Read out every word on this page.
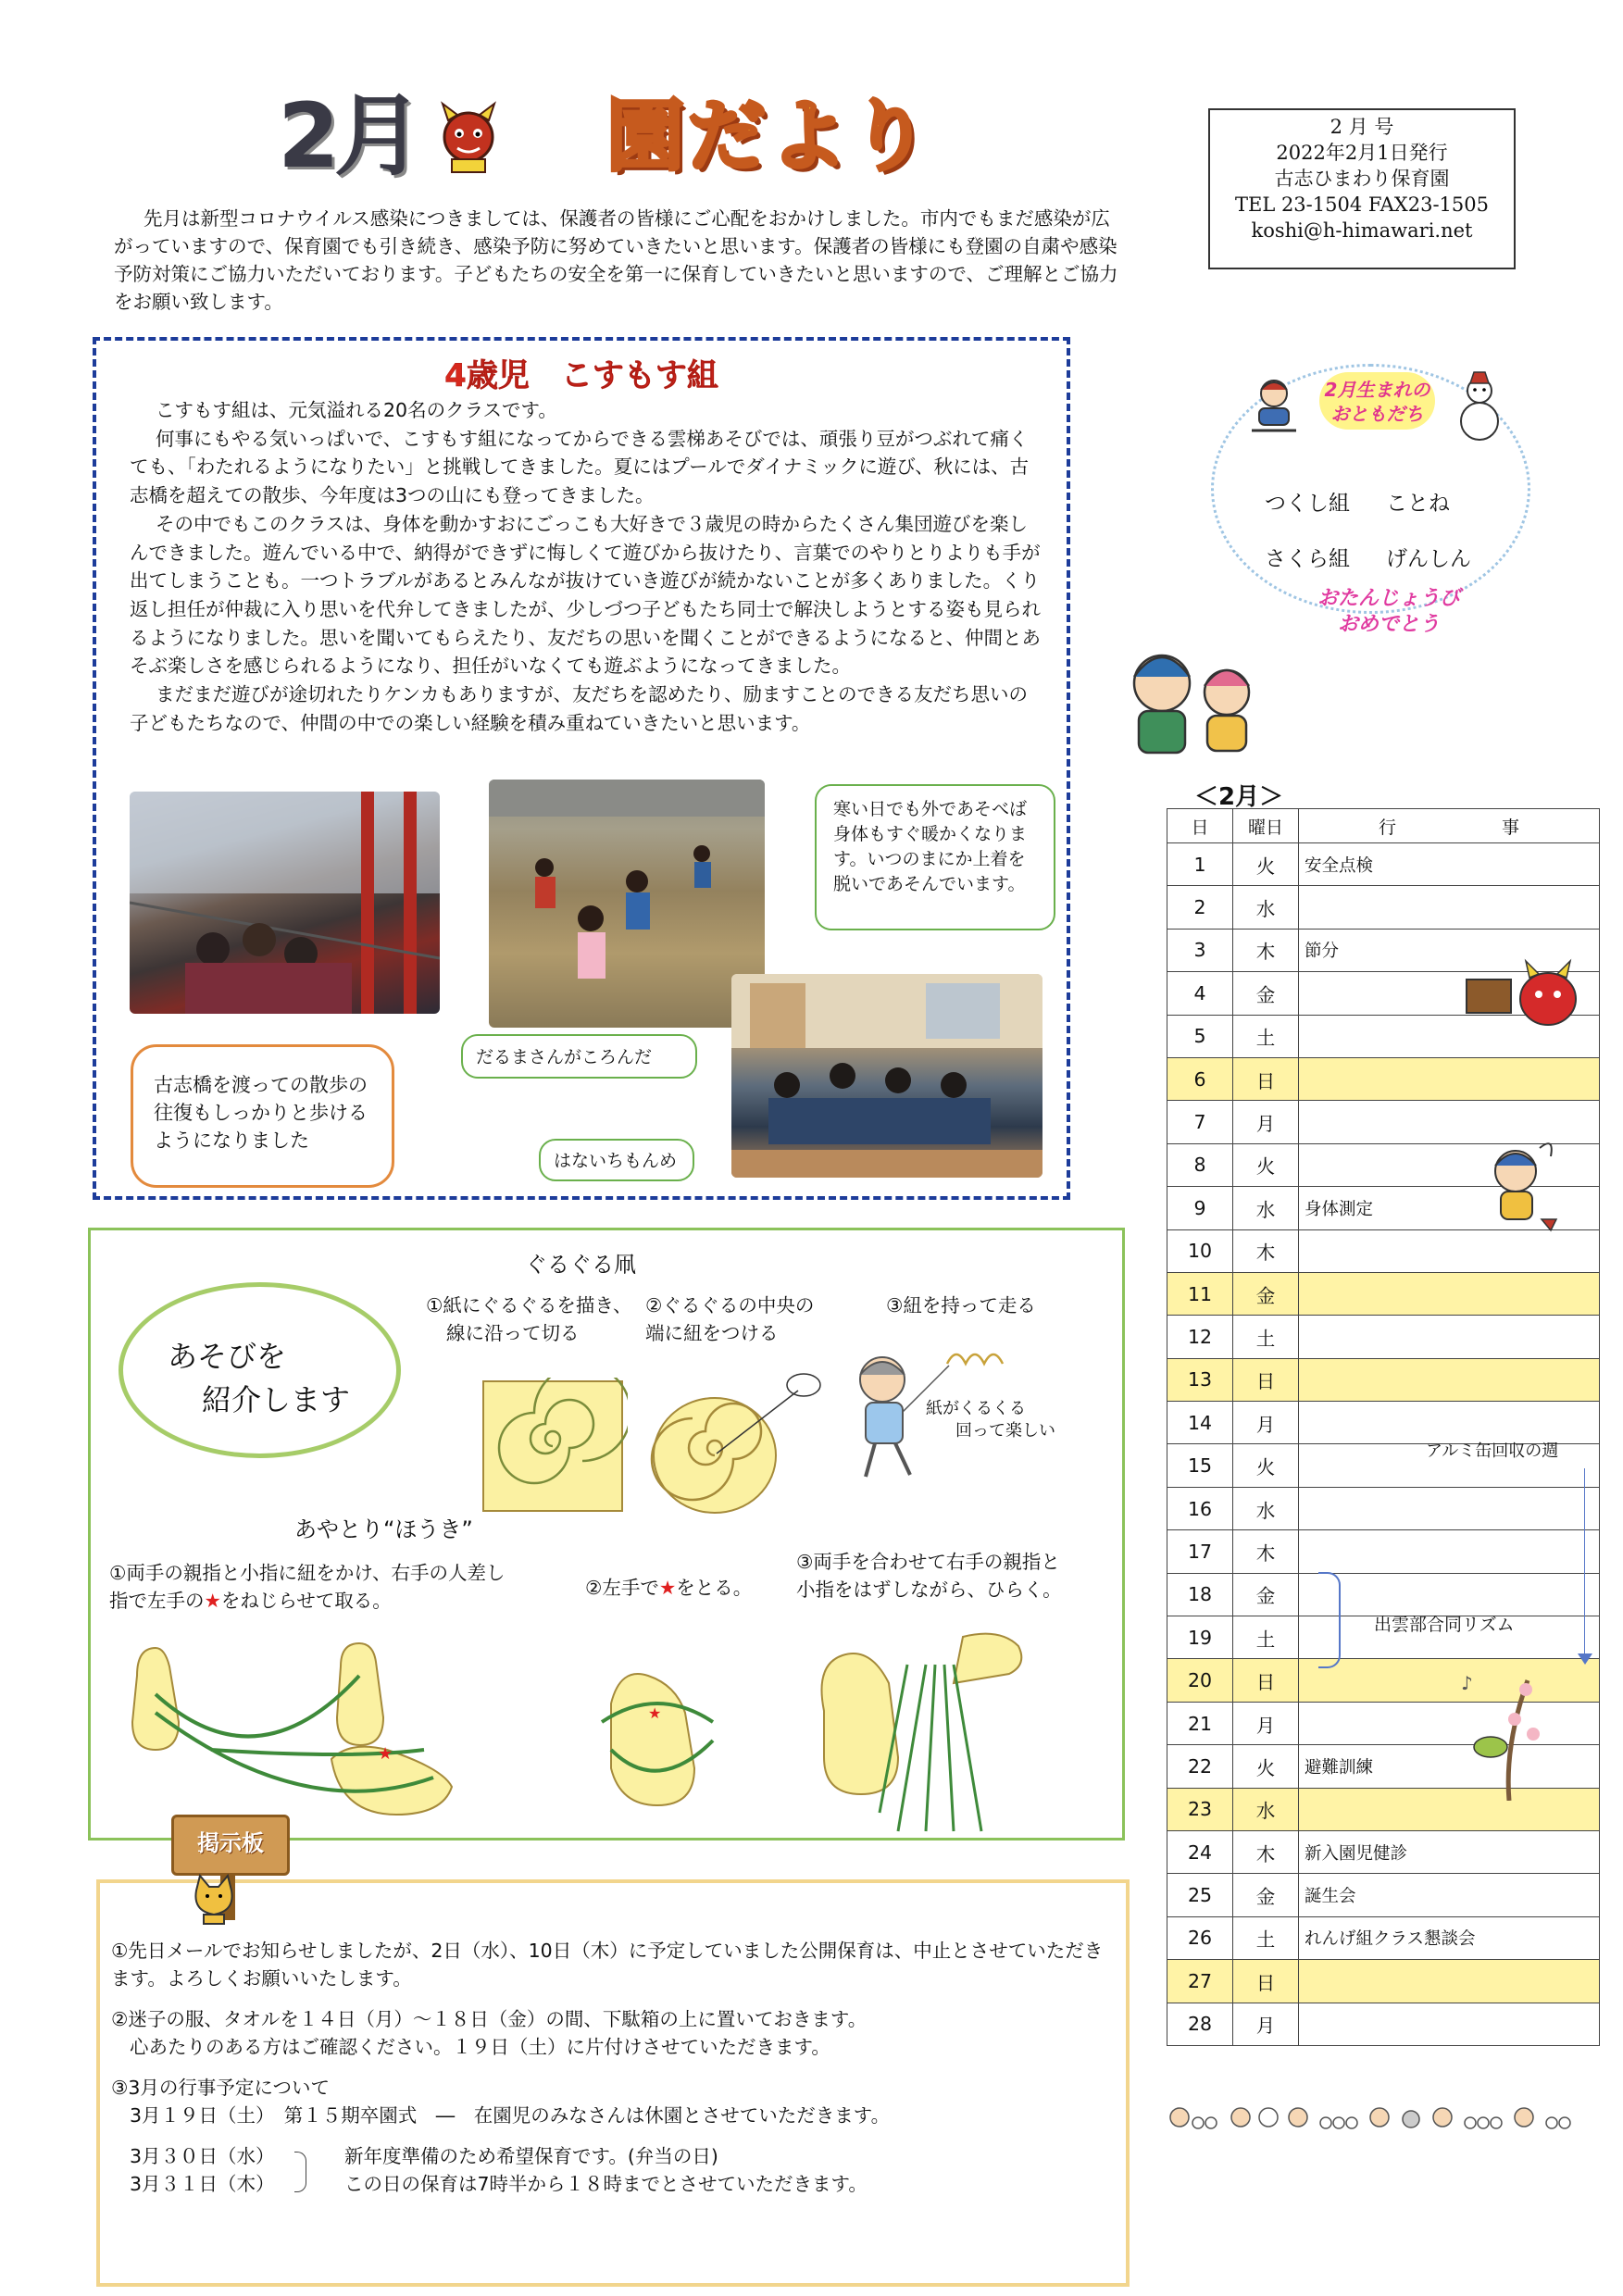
2月 園だより	2 月 号
2022年2月1日発行
古志ひまわり保育園
TEL 23-1504 FAX23-1505
koshi@h-himawari.net
先月は新型コロナウイルス感染につきましては、保護者の皆様にご心配をおかけしました。市内でもまだ感染が広がっていますので、保育園でも引き続き、感染予防に努めていきたいと思います。保護者の皆様にも登園の自粛や感染予防対策にご協力いただいております。子どもたちの安全を第一に保育していきたいと思いますので、ご理解とご協力をお願い致します。
4歳児　こすもす組

こすもす組は、元気溢れる20名のクラスです。

何事にもやる気いっぱいで、こすもす組になってからできる雲梯あそびでは、頑張り豆がつぶれて痛くても、「わたれるようになりたい」と挑戦してきました。夏にはプールでダイナミックに遊び、秋には、古志橋を超えての散歩、今年度は3つの山にも登ってきました。

その中でもこのクラスは、身体を動かすおにごっこも大好きで３歳児の時からたくさん集団遊びを楽しんできました。遊んでいる中で、納得ができずに悔しくて遊びから抜けたり、言葉でのやりとりよりも手が出てしまうことも。一つトラブルがあるとみんなが抜けていき遊びが続かないことが多くありました。くり返し担任が仲裁に入り思いを代弁してきましたが、少しづつ子どもたち同士で解決しようとする姿も見られるようになりました。思いを聞いてもらえたり、友だちの思いを聞くことができるようになると、仲間とあそぶ楽しさを感じられるようになり、担任がいなくても遊ぶようになってきました。

まだまだ遊びが途切れたりケンカもありますが、友だちを認めたり、励ますことのできる友だち思いの子どもたちなので、仲間の中での楽しい経験を積み重ねていきたいと思います。

寒い日でも外であそべば身体もすぐ暖かくなります。いつのまにか上着を脱いであそんでいます。
古志橋を渡っての散歩の往復もしっかりと歩けるようになりました
だるまさんがころんだ
はないちもんめ
2月生まれの
おともだち
つくし組 ことね
さくら組 げんしん
おたんじょうび
おめでとう
＜2月＞
日	曜日	行　　　　　　事
1	火	安全点検
2	水	
3	木	節分
4	金	
5	土	
6	日	
7	月	
8	火	
9	水	身体測定
10	木	
11	金	
12	土	
13	日	
14	月	
15	火	
16	水	
17	木	
18	金	
19	土	
20	日	
21	月	
22	火	避難訓練
23	水	
24	木	新入園児健診
25	金	誕生会
26	土	れんげ組クラス懇談会
27	日	
28	月	
アルミ缶回収の週
出雲部合同リズム
♪
あそびを
紹介します
ぐるぐる凧
①紙にぐるぐるを描き、
線に沿って切る
②ぐるぐるの中央の
端に紐をつける
③紐を持って走る
紙がくるくる
回って楽しい
あやとり“ほうき”
①両手の親指と小指に紐をかけ、右手の人差し
指で左手の★をねじらせて取る。
②左手で★をとる。
③両手を合わせて右手の親指と
小指をはずしながら、ひらく。
★
★
掲示板

①先日メールでお知らせしましたが、2日（水）、10日（木）に予定していました公開保育は、中止とさせていただきます。よろしくお願いいたします。

②迷子の服、タオルを１４日（月）～１８日（金）の間、下駄箱の上に置いておきます。
心あたりのある方はご確認ください。１９日（土）に片付けさせていただきます。

③3月の行事予定について
3月１９日（土）　第１５期卒園式　―　在園児のみなさんは休園とさせていただきます。
3月３０日（水）
3月３１日（木）
新年度準備のため希望保育です。(弁当の日)
この日の保育は7時半から１８時までとさせていただきます。
